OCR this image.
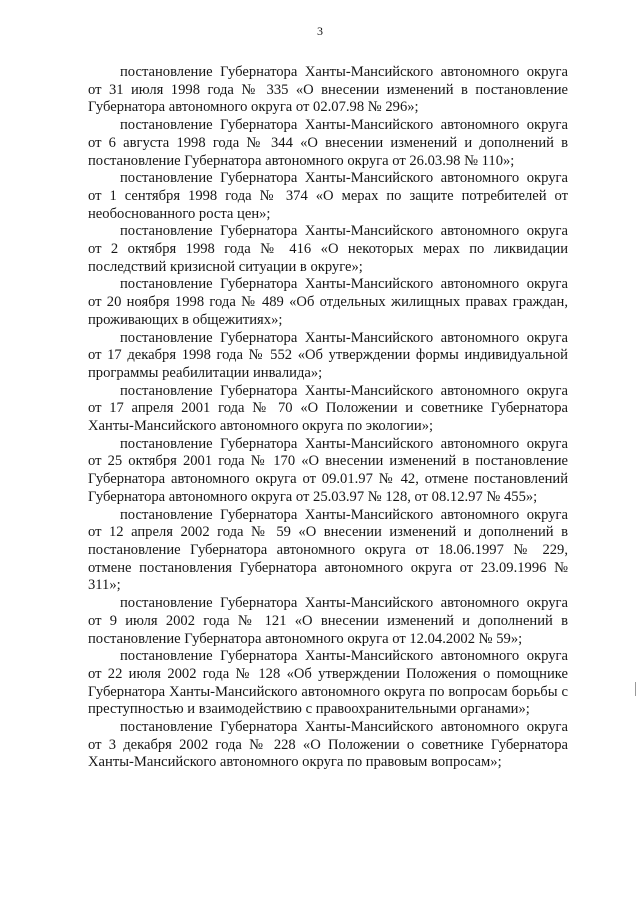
3

постановление Губернатора Ханты-Мансийского автономного округа от 31 июля 1998 года № 335 «О внесении изменений в постановление Губернатора автономного округа от 02.07.98 № 296»;

постановление Губернатора Ханты-Мансийского автономного округа от 6 августа 1998 года № 344 «О внесении изменений и дополнений в постановление Губернатора автономного округа от 26.03.98 № 110»;

постановление Губернатора Ханты-Мансийского автономного округа от 1 сентября 1998 года № 374 «О мерах по защите потребителей от необоснованного роста цен»;

постановление Губернатора Ханты-Мансийского автономного округа от 2 октября 1998 года № 416 «О некоторых мерах по ликвидации последствий кризисной ситуации в округе»;

постановление Губернатора Ханты-Мансийского автономного округа от 20 ноября 1998 года № 489 «Об отдельных жилищных правах граждан, проживающих в общежитиях»;

постановление Губернатора Ханты-Мансийского автономного округа от 17 декабря 1998 года № 552 «Об утверждении формы индивидуальной программы реабилитации инвалида»;

постановление Губернатора Ханты-Мансийского автономного округа от 17 апреля 2001 года № 70 «О Положении и советнике Губернатора Ханты-Мансийского автономного округа по экологии»;

постановление Губернатора Ханты-Мансийского автономного округа от 25 октября 2001 года № 170 «О внесении изменений в постановление Губернатора автономного округа от 09.01.97 № 42, отмене постановлений Губернатора автономного округа от 25.03.97 № 128, от 08.12.97 № 455»;

постановление Губернатора Ханты-Мансийского автономного округа от 12 апреля 2002 года № 59 «О внесении изменений и дополнений в постановление Губернатора автономного округа от 18.06.1997 № 229, отмене постановления Губернатора автономного округа от 23.09.1996 № 311»;

постановление Губернатора Ханты-Мансийского автономного округа от 9 июля 2002 года № 121 «О внесении изменений и дополнений в постановление Губернатора автономного округа от 12.04.2002 № 59»;

постановление Губернатора Ханты-Мансийского автономного округа от 22 июля 2002 года № 128 «Об утверждении Положения о помощнике Губернатора Ханты-Мансийского автономного округа по вопросам борьбы с преступностью и взаимодействию с правоохранительными органами»;

постановление Губернатора Ханты-Мансийского автономного округа от 3 декабря 2002 года № 228 «О Положении о советнике Губернатора Ханты-Мансийского автономного округа по правовым вопросам»;
